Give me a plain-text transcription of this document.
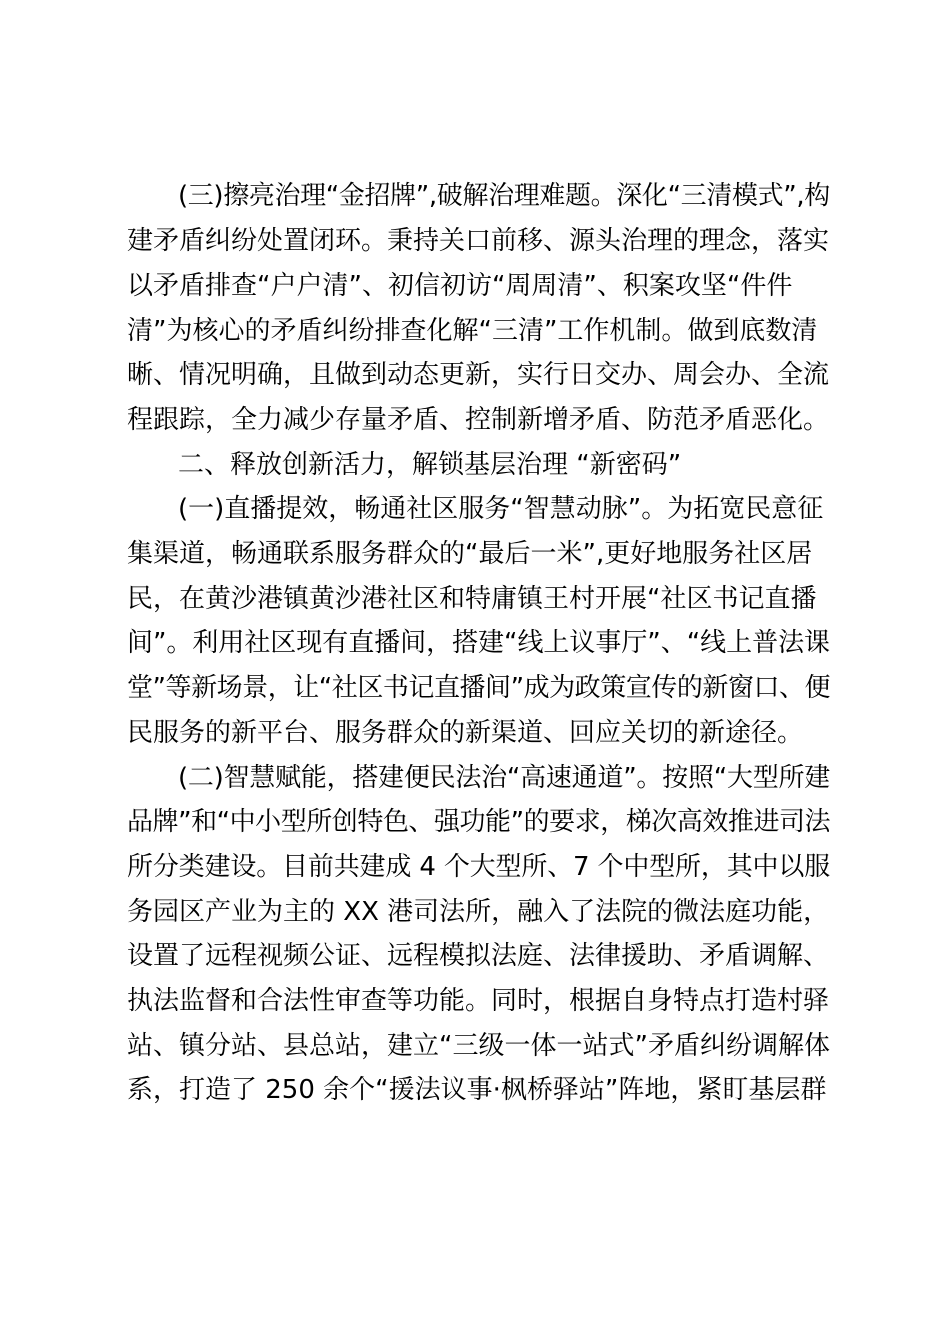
(三)擦亮治理“金招牌”,破解治理难题。深化“三清模式”,构
建矛盾纠纷处置闭环。秉持关口前移、源头治理的理念，落实
以矛盾排查“户户清”、初信初访“周周清”、积案攻坚“件件
清”为核心的矛盾纠纷排查化解“三清”工作机制。做到底数清
晰、情况明确，且做到动态更新，实行日交办、周会办、全流
程跟踪，全力减少存量矛盾、控制新增矛盾、防范矛盾恶化。
二、释放创新活力，解锁基层治理 “新密码”
(一)直播提效，畅通社区服务“智慧动脉”。为拓宽民意征
集渠道，畅通联系服务群众的“最后一米”,更好地服务社区居
民，在黄沙港镇黄沙港社区和特庸镇王村开展“社区书记直播
间”。利用社区现有直播间，搭建“线上议事厅”、“线上普法课
堂”等新场景，让“社区书记直播间”成为政策宣传的新窗口、便
民服务的新平台、服务群众的新渠道、回应关切的新途径。
(二)智慧赋能，搭建便民法治“高速通道”。按照“大型所建
品牌”和“中小型所创特色、强功能”的要求，梯次高效推进司法
所分类建设。目前共建成 4 个大型所、7 个中型所，其中以服
务园区产业为主的 XX 港司法所，融入了法院的微法庭功能，
设置了远程视频公证、远程模拟法庭、法律援助、矛盾调解、
执法监督和合法性审查等功能。同时，根据自身特点打造村驿
站、镇分站、县总站，建立“三级一体一站式”矛盾纠纷调解体
系，打造了 250 余个“援法议事·枫桥驿站”阵地，紧盯基层群
